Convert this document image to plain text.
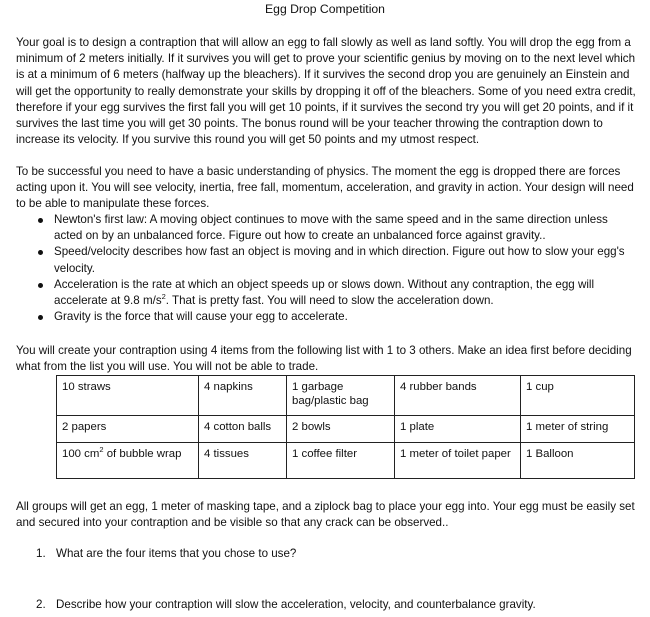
Egg Drop Competition

Your goal is to design a contraption that will allow an egg to fall slowly as well as land softly. You will drop the egg from a minimum of 2 meters initially. If it survives you will get to prove your scientific genius by moving on to the next level which is at a minimum of 6 meters (halfway up the bleachers). If it survives the second drop you are genuinely an Einstein and will get the opportunity to really demonstrate your skills by dropping it off of the bleachers. Some of you need extra credit, therefore if your egg survives the first fall you will get 10 points, if it survives the second try you will get 20 points, and if it survives the last time you will get 30 points. The bonus round will be your teacher throwing the contraption down to increase its velocity. If you survive this round you will get 50 points and my utmost respect.

To be successful you need to have a basic understanding of physics. The moment the egg is dropped there are forces acting upon it. You will see velocity, inertia, free fall, momentum, acceleration, and gravity in action. Your design will need to be able to manipulate these forces.

Newton's first law: A moving object continues to move with the same speed and in the same direction unless acted on by an unbalanced force. Figure out how to create an unbalanced force against gravity..
Speed/velocity describes how fast an object is moving and in which direction. Figure out how to slow your egg's velocity.
Acceleration is the rate at which an object speeds up or slows down. Without any contraption, the egg will accelerate at 9.8 $m/s^2$. That is pretty fast. You will need to slow the acceleration down.
Gravity is the force that will cause your egg to accelerate.

You will create your contraption using 4 items from the following list with 1 to 3 others. Make an idea first before deciding what from the list you will use. You will not be able to trade.

10 straws	4 napkins	1 garbage bag/plastic bag	4 rubber bands	1 cup
2 papers	4 cotton balls	2 bowls	1 plate	1 meter of string
100 $cm^2$ of bubble wrap	4 tissues	1 coffee filter	1 meter of toilet paper	1 Balloon

All groups will get an egg, 1 meter of masking tape, and a ziplock bag to place your egg into. Your egg must be easily set and secured into your contraption and be visible so that any crack can be observed..

1. What are the four items that you chose to use?
2. Describe how your contraption will slow the acceleration, velocity, and counterbalance gravity.
